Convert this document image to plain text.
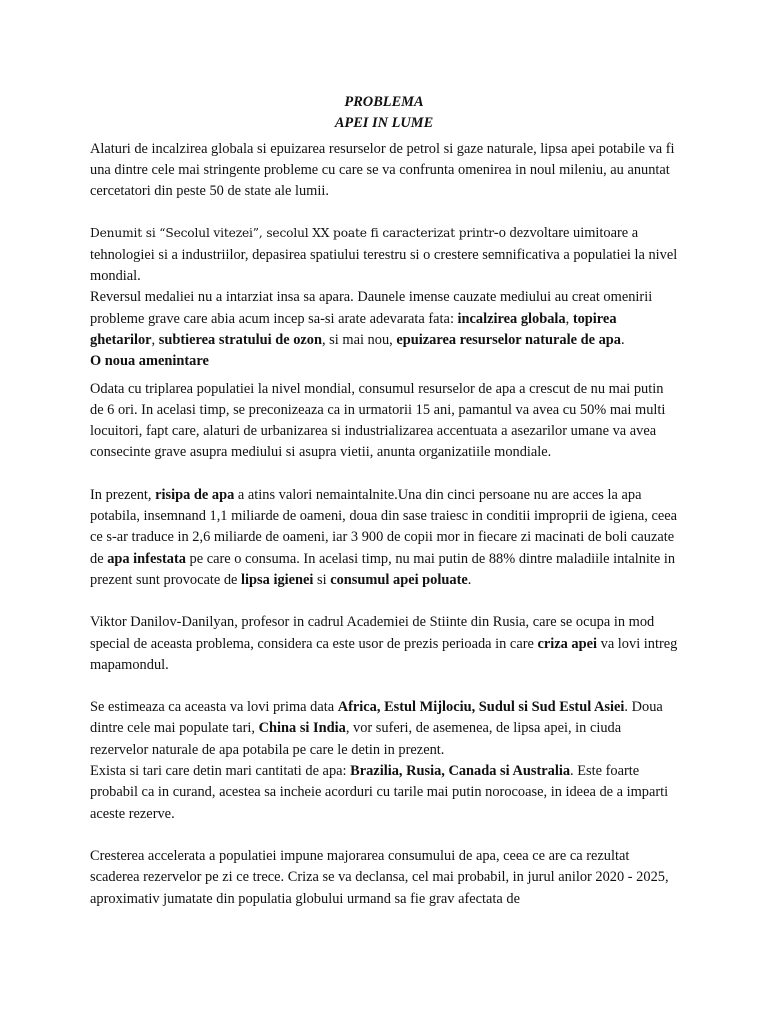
PROBLEMA
APEI IN LUME

Alaturi de incalzirea globala si epuizarea resurselor de petrol si gaze naturale, lipsa apei potabile va fi una dintre cele mai stringente probleme cu care se va confrunta omenirea in noul mileniu, au anuntat cercetatori din peste 50 de state ale lumii.

Denumit si “Secolul vitezei”, secolul XX poate fi caracterizat printr-o dezvoltare uimitoare a tehnologiei si a industriilor, depasirea spatiului terestru si o crestere semnificativa a populatiei la nivel mondial.

Reversul medaliei nu a intarziat insa sa apara. Daunele imense cauzate mediului au creat omenirii probleme grave care abia acum incep sa-si arate adevarata fata: incalzirea globala, topirea ghetarilor, subtierea stratului de ozon, si mai nou, epuizarea resurselor naturale de apa.

O noua amenintare

Odata cu triplarea populatiei la nivel mondial, consumul resurselor de apa a crescut de nu mai putin de 6 ori. In acelasi timp, se preconizeaza ca in urmatorii 15 ani, pamantul va avea cu 50% mai multi locuitori, fapt care, alaturi de urbanizarea si industrializarea accentuata a asezarilor umane va avea consecinte grave asupra mediului si asupra vietii, anunta organizatiile mondiale.

In prezent, risipa de apa a atins valori nemaintalnite.Una din cinci persoane nu are acces la apa potabila, insemnand 1,1 miliarde de oameni, doua din sase traiesc in conditii improprii de igiena, ceea ce s-ar traduce in 2,6 miliarde de oameni, iar 3 900 de copii mor in fiecare zi macinati de boli cauzate de apa infestata pe care o consuma. In acelasi timp, nu mai putin de 88% dintre maladiile intalnite in prezent sunt provocate de lipsa igienei si consumul apei poluate.

Viktor Danilov-Danilyan, profesor in cadrul Academiei de Stiinte din Rusia, care se ocupa in mod special de aceasta problema, considera ca este usor de prezis perioada in care criza apei va lovi intreg mapamondul.

Se estimeaza ca aceasta va lovi prima data Africa, Estul Mijlociu, Sudul si Sud Estul Asiei. Doua dintre cele mai populate tari, China si India, vor suferi, de asemenea, de lipsa apei, in ciuda rezervelor naturale de apa potabila pe care le detin in prezent.

Exista si tari care detin mari cantitati de apa: Brazilia, Rusia, Canada si Australia. Este foarte probabil ca in curand, acestea sa incheie acorduri cu tarile mai putin norocoase, in ideea de a imparti aceste rezerve.

Cresterea accelerata a populatiei impune majorarea consumului de apa, ceea ce are ca rezultat scaderea rezervelor pe zi ce trece. Criza se va declansa, cel mai probabil, in jurul anilor 2020 - 2025, aproximativ jumatate din populatia globului urmand sa fie grav afectata de
